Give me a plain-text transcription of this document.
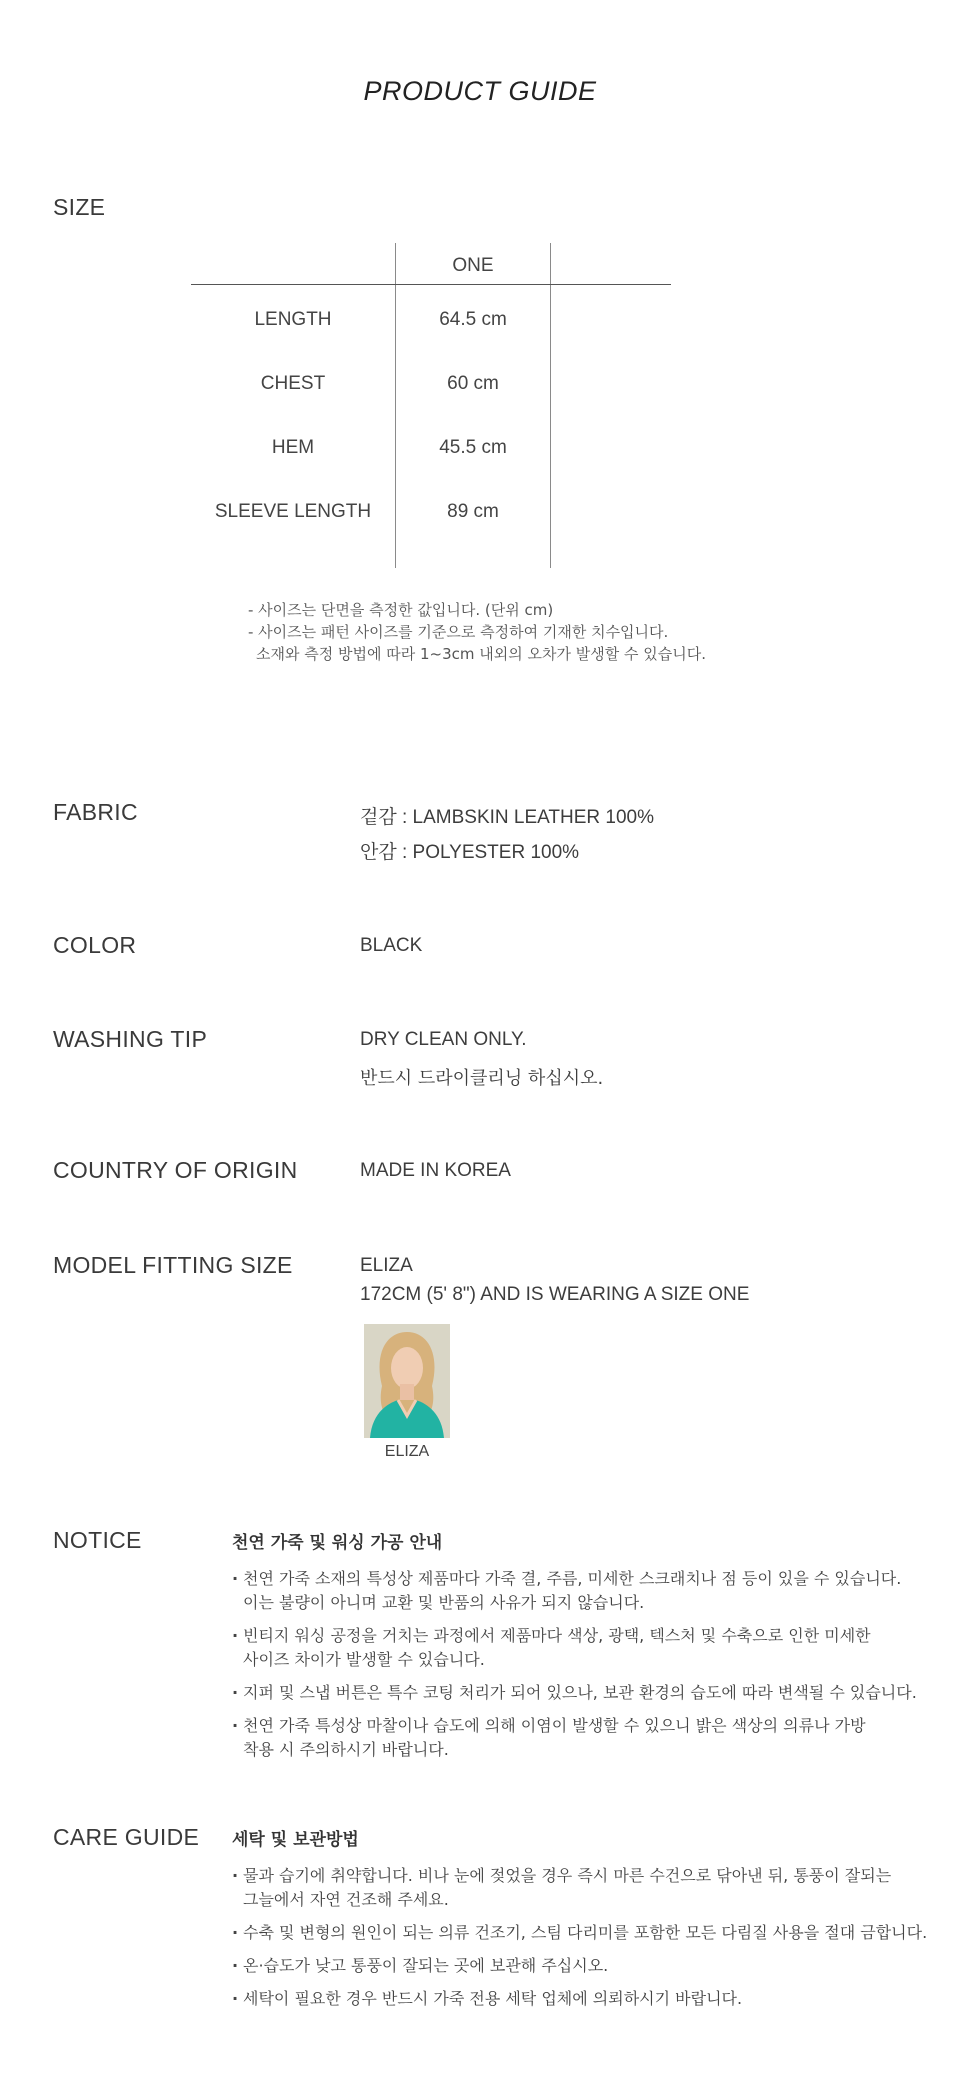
PRODUCT GUIDE
SIZE
ONE
LENGTH	64.5 cm
CHEST	60 cm
HEM	45.5 cm
SLEEVE LENGTH	89 cm
- 사이즈는 단면을 측정한 값입니다. (단위 cm)
- 사이즈는 패턴 사이즈를 기준으로 측정하여 기재한 치수입니다.
소재와 측정 방법에 따라 1~3cm 내외의 오차가 발생할 수 있습니다.
FABRIC	겉감 : LAMBSKIN LEATHER 100%
안감 : POLYESTER 100%
COLOR	BLACK
WASHING TIP	DRY CLEAN ONLY.
반드시 드라이클리닝 하십시오.
COUNTRY OF ORIGIN	MADE IN KOREA
MODEL FITTING SIZE	ELIZA
172CM (5' 8") AND IS WEARING A SIZE ONE
ELIZA
NOTICE	천연 가죽 및 워싱 가공 안내
· 천연 가죽 소재의 특성상 제품마다 가죽 결, 주름, 미세한 스크래치나 점 등이 있을 수 있습니다.
이는 불량이 아니며 교환 및 반품의 사유가 되지 않습니다.
· 빈티지 워싱 공정을 거치는 과정에서 제품마다 색상, 광택, 텍스처 및 수축으로 인한 미세한
사이즈 차이가 발생할 수 있습니다.
· 지퍼 및 스냅 버튼은 특수 코팅 처리가 되어 있으나, 보관 환경의 습도에 따라 변색될 수 있습니다.
· 천연 가죽 특성상 마찰이나 습도에 의해 이염이 발생할 수 있으니 밝은 색상의 의류나 가방
착용 시 주의하시기 바랍니다.
CARE GUIDE 세탁 및 보관방법
· 물과 습기에 취약합니다. 비나 눈에 젖었을 경우 즉시 마른 수건으로 닦아낸 뒤, 통풍이 잘되는
그늘에서 자연 건조해 주세요.
· 수축 및 변형의 원인이 되는 의류 건조기, 스팀 다리미를 포함한 모든 다림질 사용을 절대 금합니다.
· 온·습도가 낮고 통풍이 잘되는 곳에 보관해 주십시오.
· 세탁이 필요한 경우 반드시 가죽 전용 세탁 업체에 의뢰하시기 바랍니다.
